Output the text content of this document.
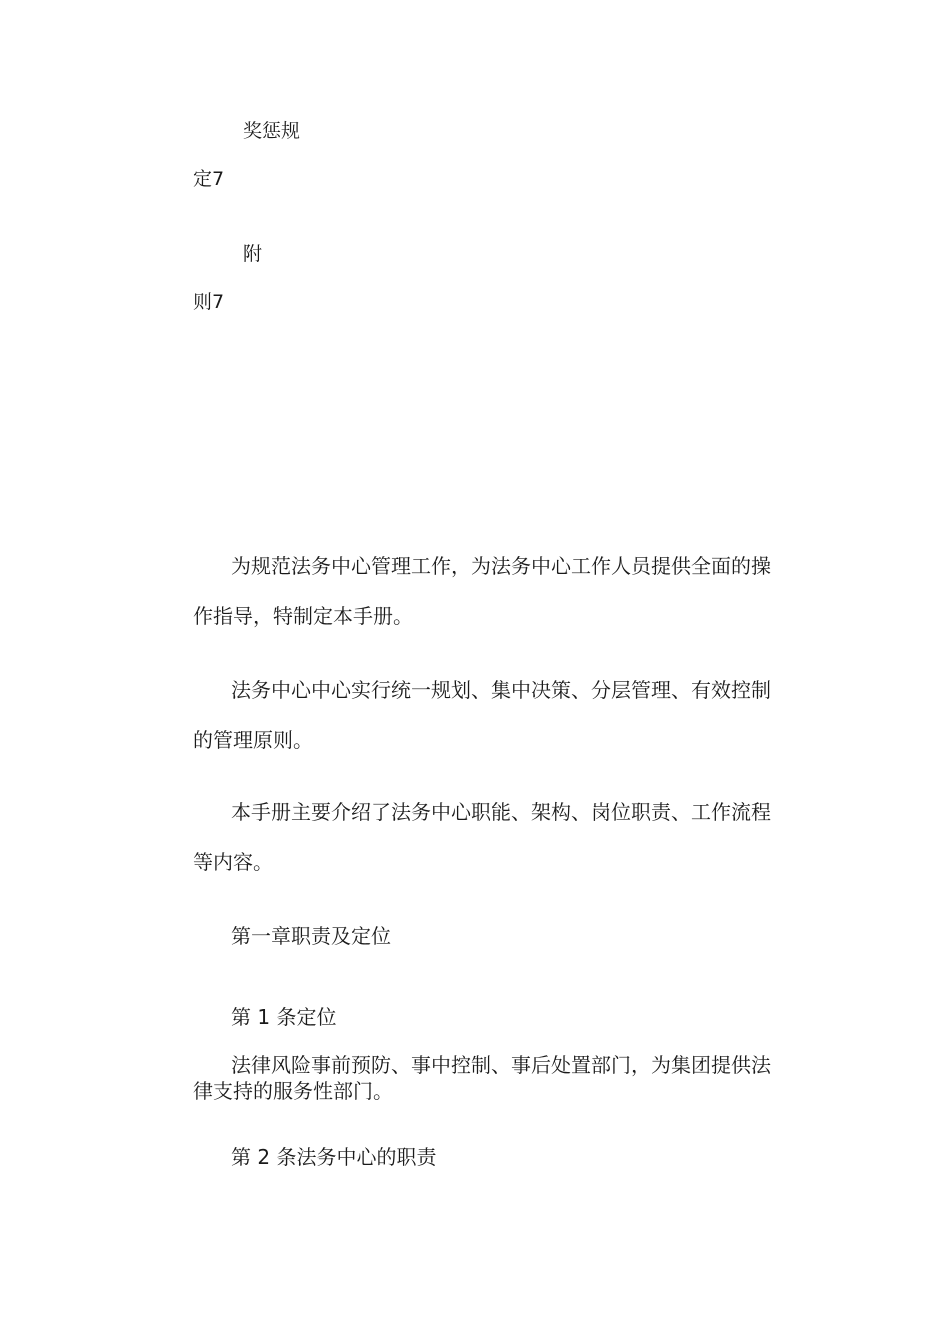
奖惩规

定7

附

则7

为规范法务中心管理工作，为法务中心工作人员提供全面的操

作指导，特制定本手册。

法务中心中心实行统一规划、集中决策、分层管理、有效控制

的管理原则。

本手册主要介绍了法务中心职能、架构、岗位职责、工作流程

等内容。

第一章职责及定位

第 1 条定位

法律风险事前预防、事中控制、事后处置部门，为集团提供法

律支持的服务性部门。

第 2 条法务中心的职责
